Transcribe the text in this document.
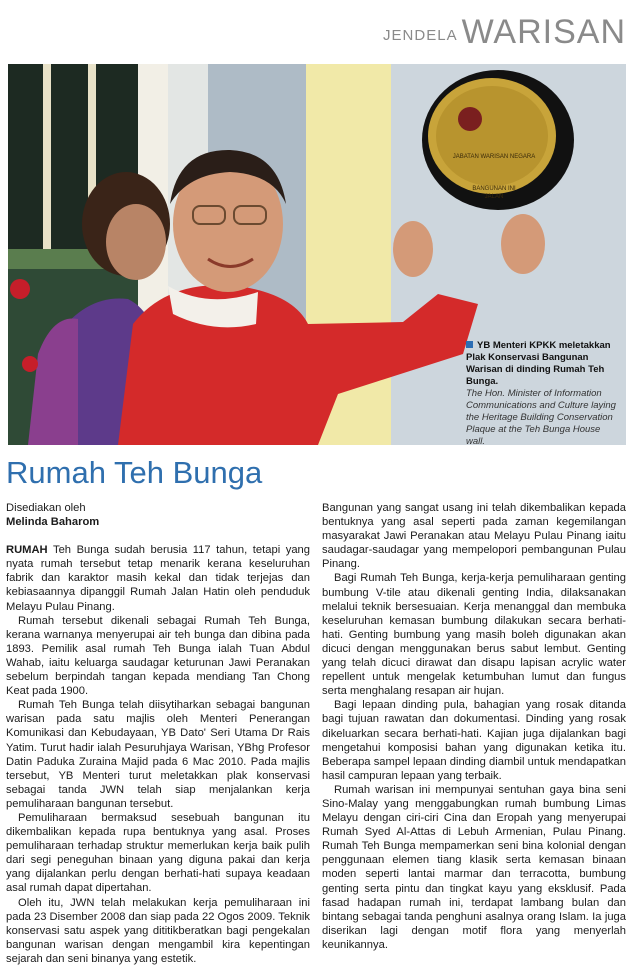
JENDELA WARISAN
JABATAN WARISAN NEGARA
BANGUNAN INI
JALAN
YB Menteri KPKK meletakkan Plak Konservasi Bangunan Warisan di dinding Rumah Teh Bunga.
The Hon. Minister of Information Communications and Culture laying the Heritage Building Conservation Plaque at the Teh Bunga House wall.
Rumah Teh Bunga

Disediakan oleh
Melinda Baharom

RUMAH Teh Bunga sudah berusia 117 tahun, tetapi yang nyata rumah tersebut tetap menarik kerana keseluruhan fabrik dan karaktor masih kekal dan tidak terjejas dan kebiasaannya dipanggil Rumah Jalan Hatin oleh penduduk Melayu Pulau Pinang.

Rumah tersebut dikenali sebagai Rumah Teh Bunga, kerana warnanya menyerupai air teh bunga dan dibina pada 1893. Pemilik asal rumah Teh Bunga ialah Tuan Abdul Wahab, iaitu keluarga saudagar keturunan Jawi Peranakan sebelum berpindah tangan kepada mendiang Tan Chong Keat pada 1900.

Rumah Teh Bunga telah diisytiharkan sebagai bangunan warisan pada satu majlis oleh Menteri Penerangan Komunikasi dan Kebudayaan, YB Dato' Seri Utama Dr Rais Yatim. Turut hadir ialah Pesuruhjaya Warisan, YBhg Profesor Datin Paduka Zuraina Majid pada 6 Mac 2010. Pada majlis tersebut, YB Menteri turut meletakkan plak konservasi sebagai tanda JWN telah siap menjalankan kerja pemuliharaan bangunan tersebut.

Pemuliharaan bermaksud sesebuah bangunan itu dikembalikan kepada rupa bentuknya yang asal. Proses pemuliharaan terhadap struktur memerlukan kerja baik pulih dari segi peneguhan binaan yang diguna pakai dan kerja yang dijalankan perlu dengan berhati-hati supaya keadaan asal rumah dapat dipertahan.

Oleh itu, JWN telah melakukan kerja pemuliharaan ini pada 23 Disember 2008 dan siap pada 22 Ogos 2009. Teknik konservasi satu aspek yang dititikberatkan bagi pengekalan bangunan warisan dengan mengambil kira kepentingan sejarah dan seni binanya yang estetik.

Bangunan yang sangat usang ini telah dikembalikan kepada bentuknya yang asal seperti pada zaman kegemilangan masyarakat Jawi Peranakan atau Melayu Pulau Pinang iaitu saudagar-saudagar yang mempelopori pembangunan Pulau Pinang.

Bagi Rumah Teh Bunga, kerja-kerja pemuliharaan genting bumbung V-tile atau dikenali genting India, dilaksanakan melalui teknik bersesuaian. Kerja menanggal dan membuka keseluruhan kemasan bumbung dilakukan secara berhati-hati. Genting bumbung yang masih boleh digunakan akan dicuci dengan menggunakan berus sabut lembut. Genting yang telah dicuci dirawat dan disapu lapisan acrylic water repellent untuk mengelak ketumbuhan lumut dan fungus serta menghalang resapan air hujan.

Bagi lepaan dinding pula, bahagian yang rosak ditanda bagi tujuan rawatan dan dokumentasi. Dinding yang rosak dikeluarkan secara berhati-hati. Kajian juga dijalankan bagi mengetahui komposisi bahan yang digunakan ketika itu. Beberapa sampel lepaan dinding diambil untuk mendapatkan hasil campuran lepaan yang terbaik.

Rumah warisan ini mempunyai sentuhan gaya bina seni Sino-Malay yang menggabungkan rumah bumbung Limas Melayu dengan ciri-ciri Cina dan Eropah yang menyerupai Rumah Syed Al-Attas di Lebuh Armenian, Pulau Pinang. Rumah Teh Bunga mempamerkan seni bina kolonial dengan penggunaan elemen tiang klasik serta kemasan binaan moden seperti lantai marmar dan terracotta, bumbung genting serta pintu dan tingkat kayu yang eksklusif. Pada fasad hadapan rumah ini, terdapat lambang bulan dan bintang sebagai tanda penghuni asalnya orang Islam. Ia juga diserikan lagi dengan motif flora yang menyerlah keunikannya.
